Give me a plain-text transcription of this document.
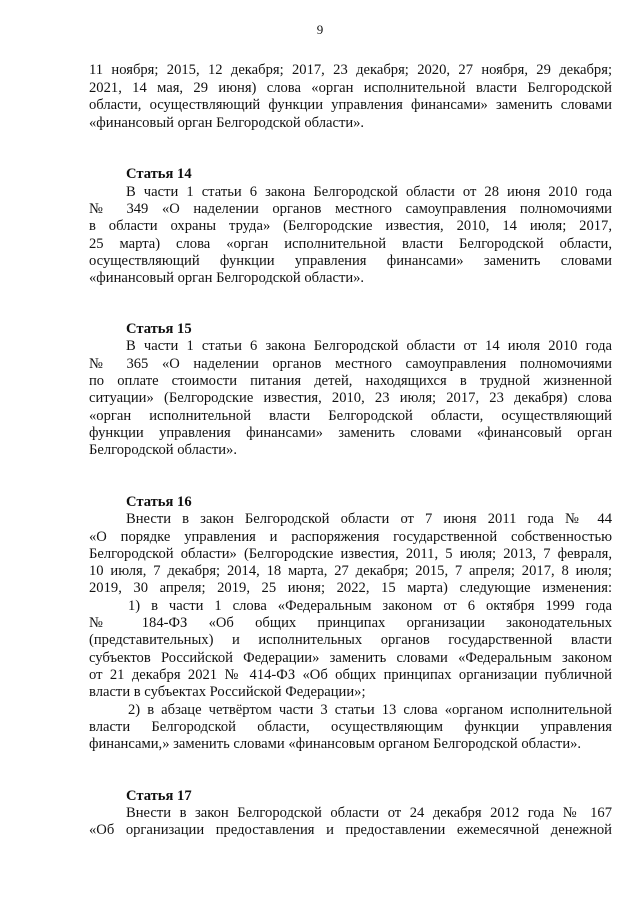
9
11 ноября; 2015, 12 декабря; 2017, 23 декабря; 2020, 27 ноября, 29 декабря;
2021, 14 мая, 29 июня) слова «орган исполнительной власти Белгородской
области, осуществляющий функции управления финансами» заменить словами
«финансовый орган Белгородской области».
Статья 14
В части 1 статьи 6 закона Белгородской области от 28 июня 2010 года
№ 349 «О наделении органов местного самоуправления полномочиями
в области охраны труда» (Белгородские известия, 2010, 14 июля; 2017,
25 марта) слова «орган исполнительной власти Белгородской области,
осуществляющий функции управления финансами» заменить словами
«финансовый орган Белгородской области».
Статья 15
В части 1 статьи 6 закона Белгородской области от 14 июля 2010 года
№ 365 «О наделении органов местного самоуправления полномочиями
по оплате стоимости питания детей, находящихся в трудной жизненной
ситуации» (Белгородские известия, 2010, 23 июля; 2017, 23 декабря) слова
«орган исполнительной власти Белгородской области, осуществляющий
функции управления финансами» заменить словами «финансовый орган
Белгородской области».
Статья 16
Внести в закон Белгородской области от 7 июня 2011 года № 44
«О порядке управления и распоряжения государственной собственностью
Белгородской области» (Белгородские известия, 2011, 5 июля; 2013, 7 февраля,
10 июля, 7 декабря; 2014, 18 марта, 27 декабря; 2015, 7 апреля; 2017, 8 июля;
2019, 30 апреля; 2019, 25 июня; 2022, 15 марта) следующие изменения:
1) в части 1 слова «Федеральным законом от 6 октября 1999 года
№ 184-ФЗ «Об общих принципах организации законодательных
(представительных) и исполнительных органов государственной власти
субъектов Российской Федерации» заменить словами «Федеральным законом
от 21 декабря 2021 № 414-ФЗ «Об общих принципах организации публичной
власти в субъектах Российской Федерации»;
2) в абзаце четвёртом части 3 статьи 13 слова «органом исполнительной
власти Белгородской области, осуществляющим функции управления
финансами,» заменить словами «финансовым органом Белгородской области».
Статья 17
Внести в закон Белгородской области от 24 декабря 2012 года № 167
«Об организации предоставления и предоставлении ежемесячной денежной
